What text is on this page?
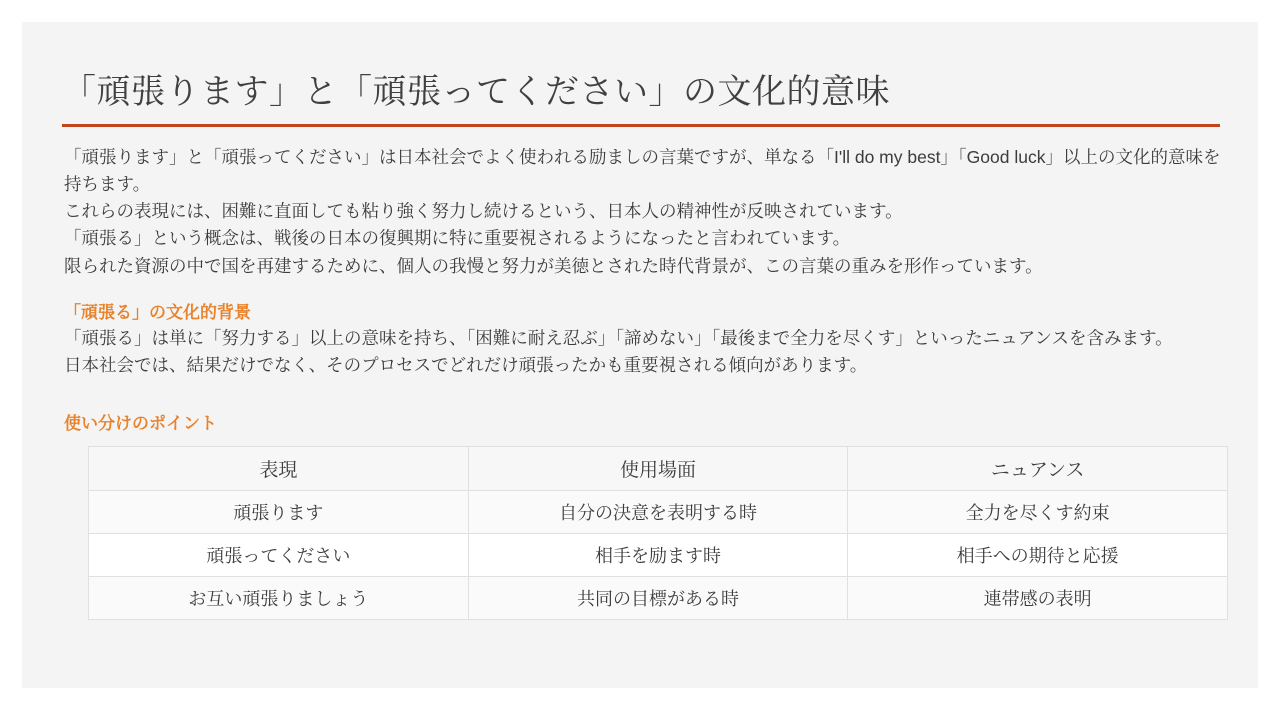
「頑張ります」と「頑張ってください」の文化的意味

「頑張ります」と「頑張ってください」は日本社会でよく使われる励ましの言葉ですが、単なる「I'll do my best」「Good luck」以上の文化的意味を持ちます。

これらの表現には、困難に直面しても粘り強く努力し続けるという、日本人の精神性が反映されています。

「頑張る」という概念は、戦後の日本の復興期に特に重要視されるようになったと言われています。

限られた資源の中で国を再建するために、個人の我慢と努力が美徳とされた時代背景が、この言葉の重みを形作っています。

「頑張る」の文化的背景

「頑張る」は単に「努力する」以上の意味を持ち、「困難に耐え忍ぶ」「諦めない」「最後まで全力を尽くす」といったニュアンスを含みます。

日本社会では、結果だけでなく、そのプロセスでどれだけ頑張ったかも重要視される傾向があります。

使い分けのポイント
表現	使用場面	ニュアンス
頑張ります	自分の決意を表明する時	全力を尽くす約束
頑張ってください	相手を励ます時	相手への期待と応援
お互い頑張りましょう	共同の目標がある時	連帯感の表明
